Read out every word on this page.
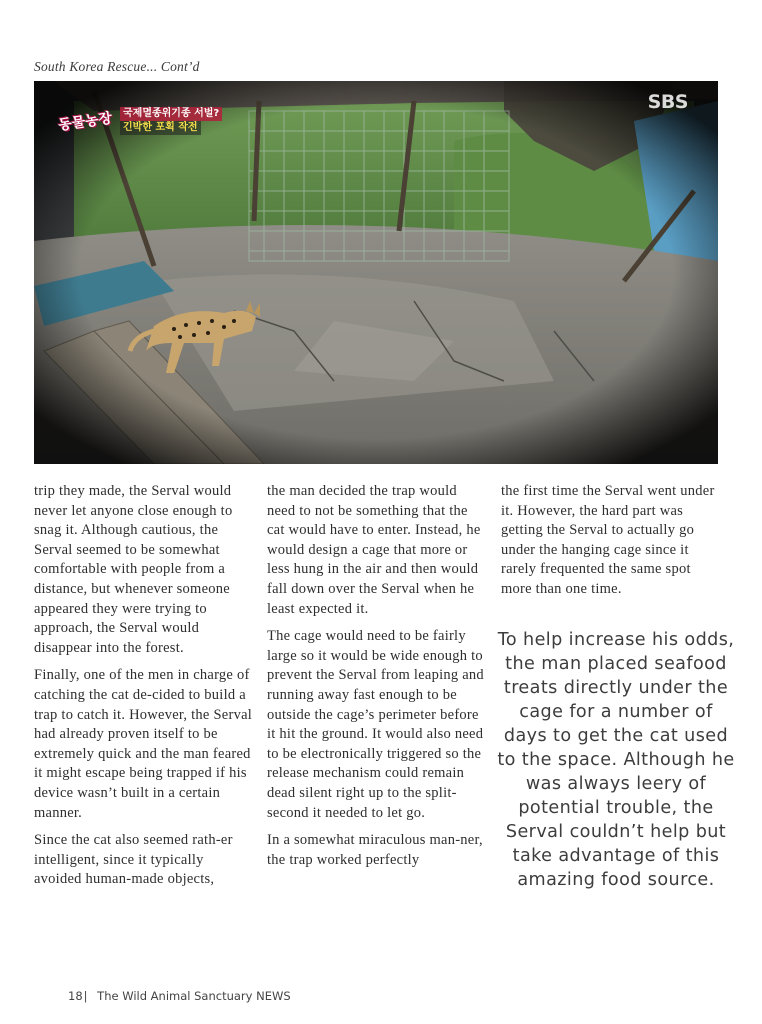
South Korea Rescue... Cont’d
동물농장 국제멸종위기종 서벌?
긴박한 포획 작전
SBS

trip they made, the Serval would never let anyone close enough to snag it. Although cautious, the Serval seemed to be somewhat comfortable with people from a distance, but whenever someone appeared they were trying to approach, the Serval would disappear into the forest.

Finally, one of the men in charge of catching the cat de-cided to build a trap to catch it. However, the Serval had already proven itself to be extremely quick and the man feared it might escape being trapped if his device wasn’t built in a certain manner.

Since the cat also seemed rath-er intelligent, since it typically avoided human-made objects,

the man decided the trap would need to not be something that the cat would have to enter. Instead, he would design a cage that more or less hung in the air and then would fall down over the Serval when he least expected it.

The cage would need to be fairly large so it would be wide enough to prevent the Serval from leaping and running away fast enough to be outside the cage’s perimeter before it hit the ground. It would also need to be electronically triggered so the release mechanism could remain dead silent right up to the split-second it needed to let go.

In a somewhat miraculous man-ner, the trap worked perfectly

the first time the Serval went under it. However, the hard part was getting the Serval to actually go under the hanging cage since it rarely frequented the same spot more than one time.

To help increase his odds, the man placed seafood treats directly under the cage for a number of days to get the cat used to the space. Although he was always leery of potential trouble, the Serval couldn’t help but take advantage of this amazing food source.
18| The Wild Animal Sanctuary NEWS
